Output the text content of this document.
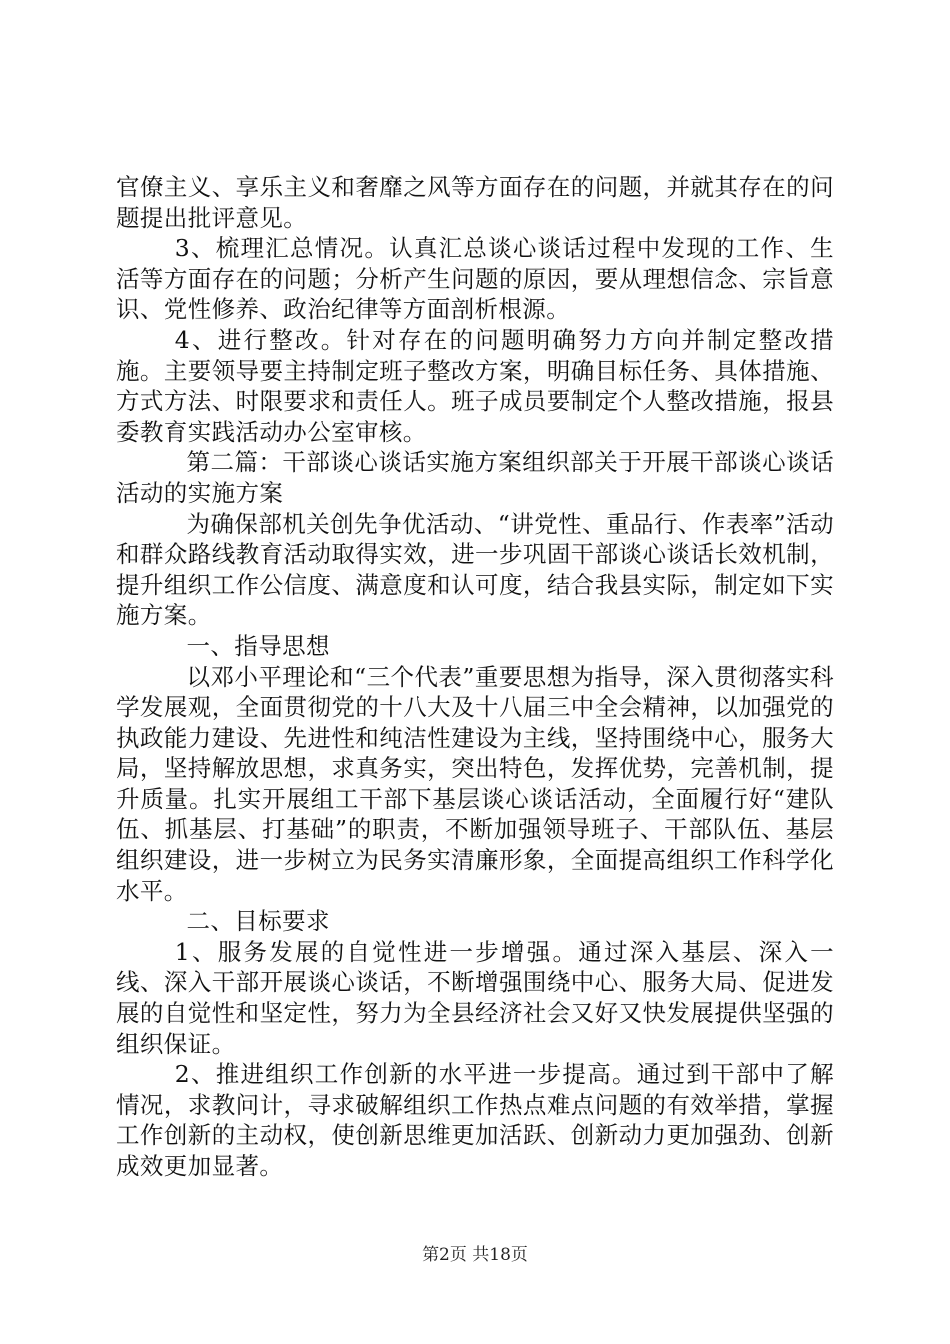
官僚主义、享乐主义和奢靡之风等方面存在的问题，并就其存在的问题提出批评意见。

3、梳理汇总情况。认真汇总谈心谈话过程中发现的工作、生活等方面存在的问题；分析产生问题的原因，要从理想信念、宗旨意识、党性修养、政治纪律等方面剖析根源。

4、进行整改。针对存在的问题明确努力方向并制定整改措施。主要领导要主持制定班子整改方案，明确目标任务、具体措施、方式方法、时限要求和责任人。班子成员要制定个人整改措施，报县委教育实践活动办公室审核。

第二篇：干部谈心谈话实施方案组织部关于开展干部谈心谈话活动的实施方案

为确保部机关创先争优活动、“讲党性、重品行、作表率”活动和群众路线教育活动取得实效，进一步巩固干部谈心谈话长效机制，提升组织工作公信度、满意度和认可度，结合我县实际，制定如下实施方案。

一、指导思想

以邓小平理论和“三个代表”重要思想为指导，深入贯彻落实科学发展观，全面贯彻党的十八大及十八届三中全会精神，以加强党的执政能力建设、先进性和纯洁性建设为主线，坚持围绕中心，服务大局，坚持解放思想，求真务实，突出特色，发挥优势，完善机制，提升质量。扎实开展组工干部下基层谈心谈话活动，全面履行好“建队伍、抓基层、打基础”的职责，不断加强领导班子、干部队伍、基层组织建设，进一步树立为民务实清廉形象，全面提高组织工作科学化水平。

二、目标要求

1、服务发展的自觉性进一步增强。通过深入基层、深入一线、深入干部开展谈心谈话，不断增强围绕中心、服务大局、促进发展的自觉性和坚定性，努力为全县经济社会又好又快发展提供坚强的组织保证。

2、推进组织工作创新的水平进一步提高。通过到干部中了解情况，求教问计，寻求破解组织工作热点难点问题的有效举措，掌握工作创新的主动权，使创新思维更加活跃、创新动力更加强劲、创新成效更加显著。

第2页 共18页
